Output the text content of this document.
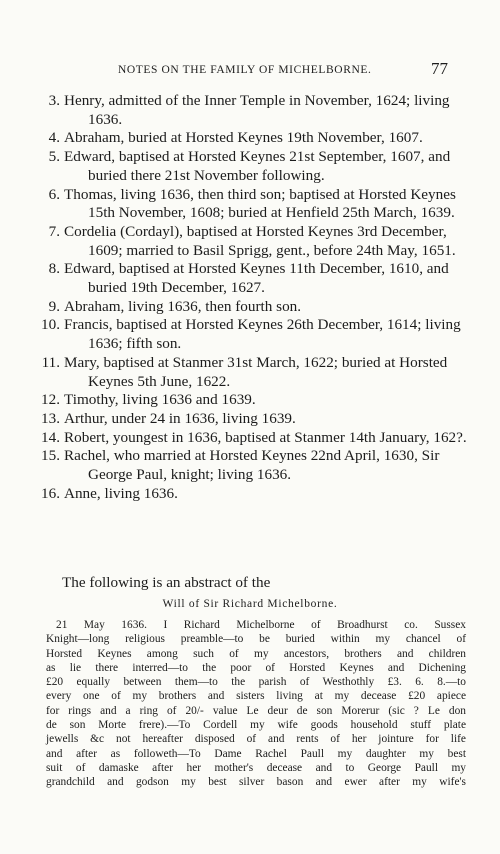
NOTES ON THE FAMILY OF MICHELBORNE.	77
3. Henry, admitted of the Inner Temple in November, 1624; living 1636.
4. Abraham, buried at Horsted Keynes 19th November, 1607.
5. Edward, baptised at Horsted Keynes 21st September, 1607, and buried there 21st November following.
6. Thomas, living 1636, then third son; baptised at Horsted Keynes 15th November, 1608; buried at Henfield 25th March, 1639.
7. Cordelia (Cordayl), baptised at Horsted Keynes 3rd December, 1609; married to Basil Sprigg, gent., before 24th May, 1651.
8. Edward, baptised at Horsted Keynes 11th December, 1610, and buried 19th December, 1627.
9. Abraham, living 1636, then fourth son.
10. Francis, baptised at Horsted Keynes 26th December, 1614; living 1636; fifth son.
11. Mary, baptised at Stanmer 31st March, 1622; buried at Horsted Keynes 5th June, 1622.
12. Timothy, living 1636 and 1639.
13. Arthur, under 24 in 1636, living 1639.
14. Robert, youngest in 1636, baptised at Stanmer 14th January, 162?.
15. Rachel, who married at Horsted Keynes 22nd April, 1630, Sir George Paul, knight; living 1636.
16. Anne, living 1636.
The following is an abstract of the
Will of Sir Richard Michelborne.
21 May 1636. I Richard Michelborne of Broadhurst co. Sussex
Knight—long religious preamble—to be buried within my chancel of
Horsted Keynes among such of my ancestors, brothers and children
as lie there interred—to the poor of Horsted Keynes and Dichening
£20 equally between them—to the parish of Westhothly £3. 6. 8.—to
every one of my brothers and sisters living at my decease £20 apiece
for rings and a ring of 20/- value Le deur de son Morerur (sic ? Le don
de son Morte frere).—To Cordell my wife goods household stuff plate
jewells &c not hereafter disposed of and rents of her jointure for life
and after as followeth—To Dame Rachel Paull my daughter my best
suit of damaske after her mother's decease and to George Paull my
grandchild and godson my best silver bason and ewer after my wife's
